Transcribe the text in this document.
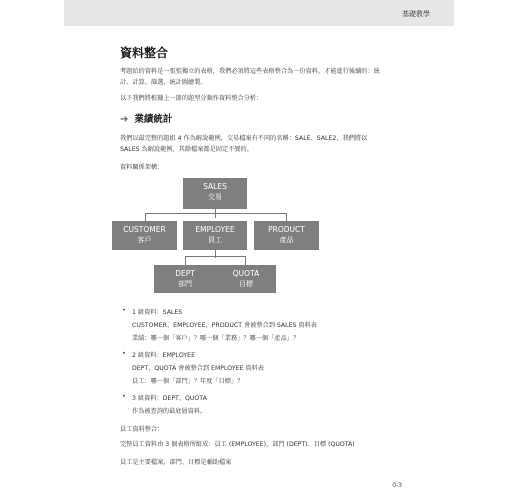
基礎教學
資料整合
考題給的資料是一張張獨立的表格，我們必須將這些表格整合為一份資料，才能進行後續的：統
計、計算、篩選、統計圖繪製。
以下我們將根據上一節的題型分類作資料整合分析：
➔ 業績統計
我們以最完整的題組 4 作為解說範例，交易檔案有不同的名稱：SALE、SALE2，我們將以
SALES 為解說範例，其餘檔案都是固定不變的。
資料關係架構：
SALES
交易
CUSTOMER
客戶
EMPLOYEE
員工
PRODUCT
產品
DEPT
部門
QUOTA
目標
• 1 級資料：SALES
CUSTOMER、EMPLOYEE、PRODUCT 會被整合到 SALES 資料表
業績：哪一個「客戶」？哪一個「業務」？哪一個「產品」？
• 2 級資料：EMPLOYEE
DEPT、QUOTA 會被整合到 EMPLOYEE 資料表
員工：哪一個「部門」？年度「目標」？
• 3 級資料：DEPT、QUOTA
作為被查詢的最底層資料。
員工資料整合：
完整員工資料由 3 個表格所組成：員工 (EMPLOYEE)、部門 (DEPT)、目標 (QUOTA)
員工是主要檔案，部門、目標是輔助檔案
0-3
